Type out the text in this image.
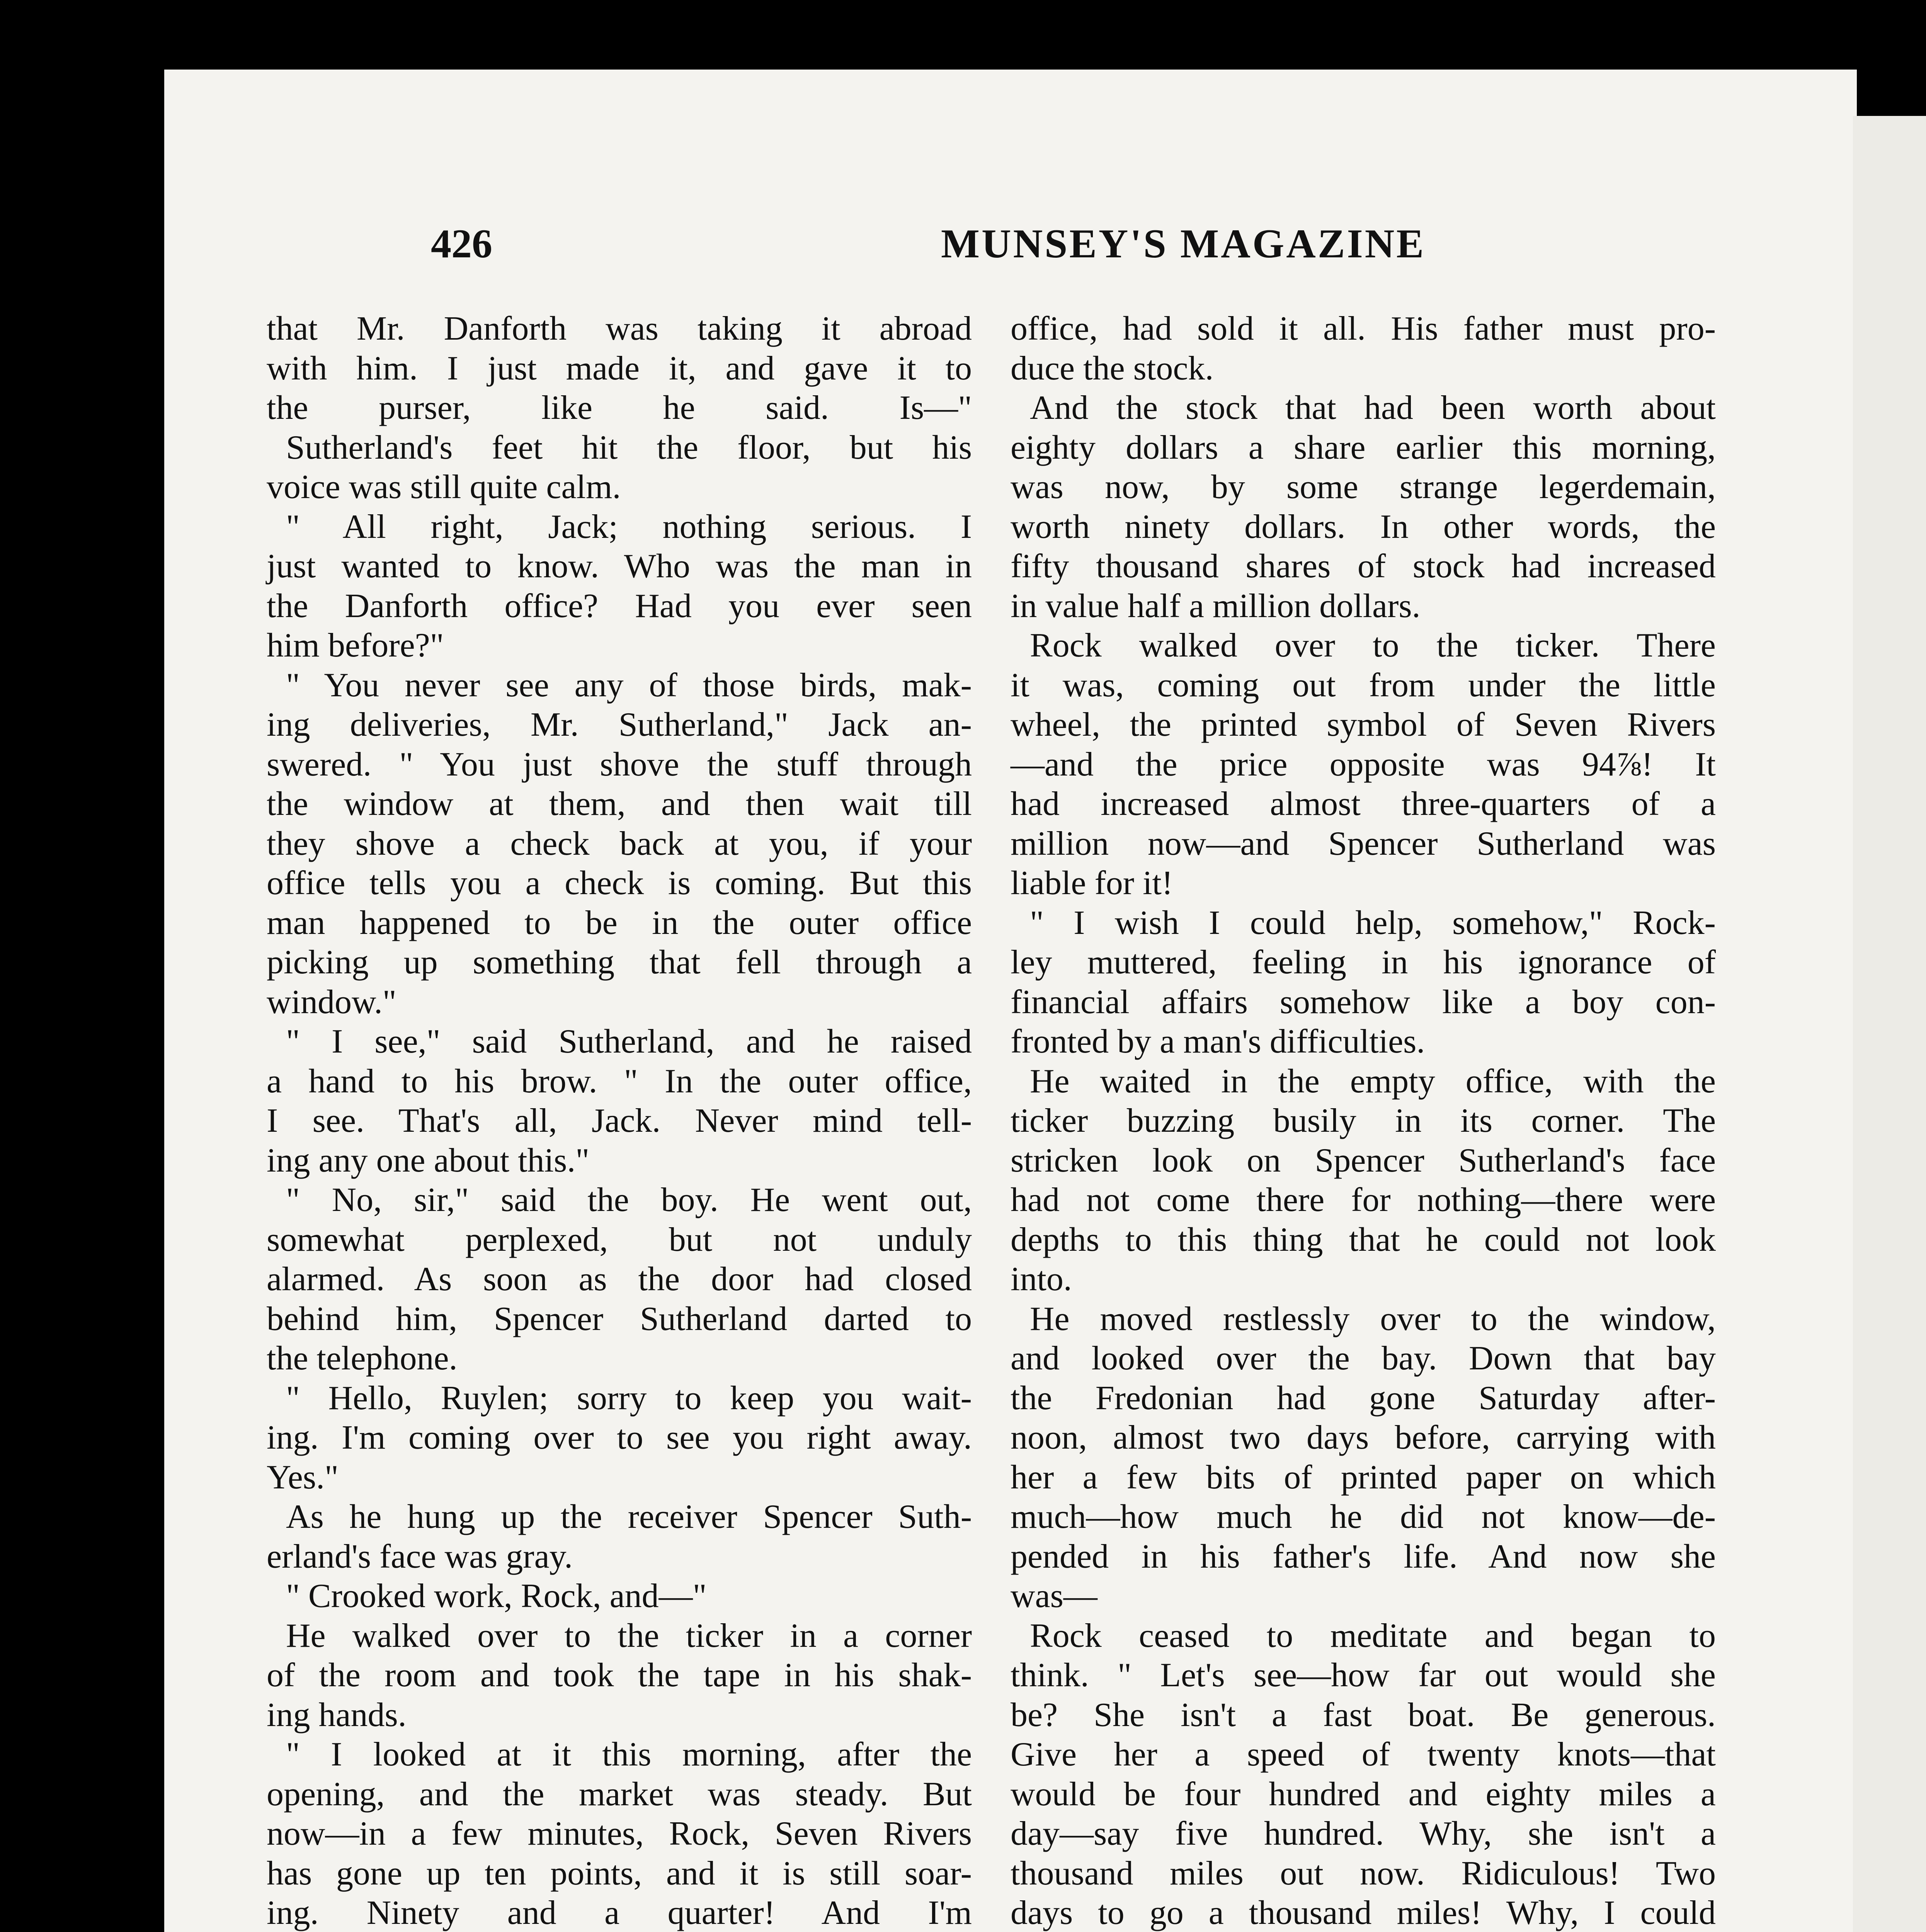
426	MUNSEY'S MAGAZINE
that Mr. Danforth was taking it abroad
with him. I just made it, and gave it to
the purser, like he said. Is—"
Sutherland's feet hit the floor, but his
voice was still quite calm.
" All right, Jack; nothing serious. I
just wanted to know. Who was the man in
the Danforth office? Had you ever seen
him before?"
" You never see any of those birds, mak-
ing deliveries, Mr. Sutherland," Jack an-
swered. " You just shove the stuff through
the window at them, and then wait till
they shove a check back at you, if your
office tells you a check is coming. But this
man happened to be in the outer office
picking up something that fell through a
window."
" I see," said Sutherland, and he raised
a hand to his brow. " In the outer office,
I see. That's all, Jack. Never mind tell-
ing any one about this."
" No, sir," said the boy. He went out,
somewhat perplexed, but not unduly
alarmed. As soon as the door had closed
behind him, Spencer Sutherland darted to
the telephone.
" Hello, Ruylen; sorry to keep you wait-
ing. I'm coming over to see you right away.
Yes."
As he hung up the receiver Spencer Suth-
erland's face was gray.
" Crooked work, Rock, and—"
He walked over to the ticker in a corner
of the room and took the tape in his shak-
ing hands.
" I looked at it this morning, after the
opening, and the market was steady. But
now—in a few minutes, Rock, Seven Rivers
has gone up ten points, and it is still soar-
ing. Ninety and a quarter! And I'm
office, had sold it all. His father must pro-
duce the stock.
And the stock that had been worth about
eighty dollars a share earlier this morning,
was now, by some strange legerdemain,
worth ninety dollars. In other words, the
fifty thousand shares of stock had increased
in value half a million dollars.
Rock walked over to the ticker. There
it was, coming out from under the little
wheel, the printed symbol of Seven Rivers
—and the price opposite was 94⅞! It
had increased almost three-quarters of a
million now—and Spencer Sutherland was
liable for it!
" I wish I could help, somehow," Rock-
ley muttered, feeling in his ignorance of
financial affairs somehow like a boy con-
fronted by a man's difficulties.
He waited in the empty office, with the
ticker buzzing busily in its corner. The
stricken look on Spencer Sutherland's face
had not come there for nothing—there were
depths to this thing that he could not look
into.
He moved restlessly over to the window,
and looked over the bay. Down that bay
the Fredonian had gone Saturday after-
noon, almost two days before, carrying with
her a few bits of printed paper on which
much—how much he did not know—de-
pended in his father's life. And now she
was—
Rock ceased to meditate and began to
think. " Let's see—how far out would she
be? She isn't a fast boat. Be generous.
Give her a speed of twenty knots—that
would be four hundred and eighty miles a
day—say five hundred. Why, she isn't a
thousand miles out now. Ridiculous! Two
days to go a thousand miles! Why, I could
